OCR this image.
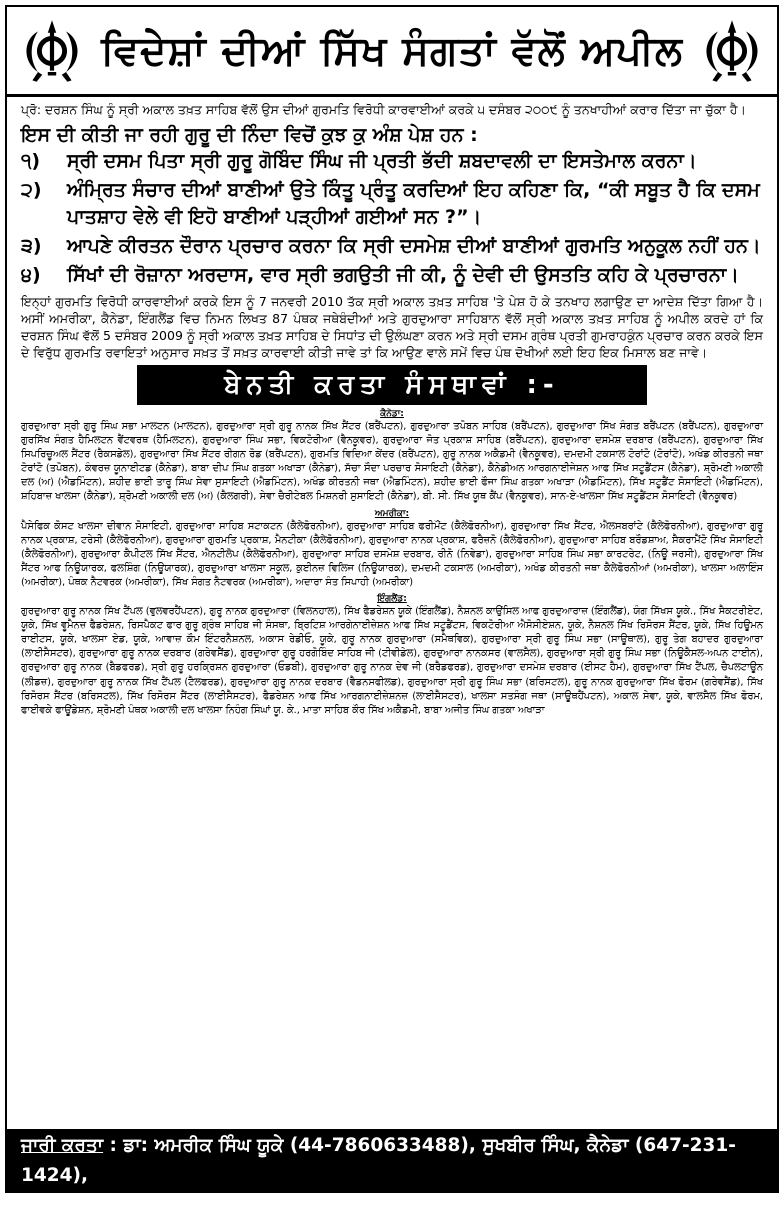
ਵਿਦੇਸ਼ਾਂ ਦੀਆਂ ਸਿੱਖ ਸੰਗਤਾਂ ਵੱਲੋਂ ਅਪੀਲ
ਪ੍ਰੋ: ਦਰਸ਼ਨ ਸਿੰਘ ਨੂੰ ਸ੍ਰੀ ਅਕਾਲ ਤਖ਼ਤ ਸਾਹਿਬ ਵੱਲੋਂ ਉਸ ਦੀਆਂ ਗੁਰਮਤਿ ਵਿਰੋਧੀ ਕਾਰਵਾਈਆਂ ਕਰਕੇ ੫ ਦਸੰਬਰ ੨੦੦੯ ਨੂੰ ਤਨਖਾਹੀਆਂ ਕਰਾਰ ਦਿੱਤਾ ਜਾ ਚੁੱਕਾ ਹੈ।
ਇਸ ਦੀ ਕੀਤੀ ਜਾ ਰਹੀ ਗੁਰੂ ਦੀ ਨਿੰਦਾ ਵਿਚੋਂ ਕੁਝ ਕੁ ਅੰਸ਼ ਪੇਸ਼ ਹਨ :
੧)	ਸ੍ਰੀ ਦਸਮ ਪਿਤਾ ਸ੍ਰੀ ਗੁਰੂ ਗੋਬਿੰਦ ਸਿੰਘ ਜੀ ਪ੍ਰਤੀ ਭੱਦੀ ਸ਼ਬਦਾਵਲੀ ਦਾ ਇਸਤੇਮਾਲ ਕਰਨਾ।
੨)	ਅੰਮ੍ਰਿਤ ਸੰਚਾਰ ਦੀਆਂ ਬਾਣੀਆਂ ਉਤੇ ਕਿੰਤੂ ਪ੍ਰੰਤੂ ਕਰਦਿਆਂ ਇਹ ਕਹਿਣਾ ਕਿ, “ਕੀ ਸਬੂਤ ਹੈ ਕਿ ਦਸਮ ਪਾਤਸ਼ਾਹ ਵੇਲੇ ਵੀ ਇਹੋ ਬਾਣੀਆਂ ਪੜ੍ਹੀਆਂ ਗਈਆਂ ਸਨ ?”।
੩)	ਆਪਣੇ ਕੀਰਤਨ ਦੌਰਾਨ ਪ੍ਰਚਾਰ ਕਰਨਾ ਕਿ ਸ੍ਰੀ ਦਸਮੇਸ਼ ਦੀਆਂ ਬਾਣੀਆਂ ਗੁਰਮਤਿ ਅਨੁਕੂਲ ਨਹੀਂ ਹਨ।
੪)	ਸਿੱਖਾਂ ਦੀ ਰੋਜ਼ਾਨਾ ਅਰਦਾਸ, ਵਾਰ ਸ੍ਰੀ ਭਗਉਤੀ ਜੀ ਕੀ, ਨੂੰ ਦੇਵੀ ਦੀ ਉਸਤਤਿ ਕਹਿ ਕੇ ਪ੍ਰਚਾਰਨਾ।
ਇਨ੍ਹਾਂ ਗੁਰਮਤਿ ਵਿਰੋਧੀ ਕਾਰਵਾਈਆਂ ਕਰਕੇ ਇਸ ਨੂੰ 7 ਜਨਵਰੀ 2010 ਤੱਕ ਸ੍ਰੀ ਅਕਾਲ ਤਖ਼ਤ ਸਾਹਿਬ 'ਤੇ ਪੇਸ਼ ਹੋ ਕੇ ਤਨਖਾਹ ਲਗਾਉਣ ਦਾ ਆਦੇਸ਼ ਦਿੱਤਾ ਗਿਆ ਹੈ। ਅਸੀਂ ਅਮਰੀਕਾ, ਕੈਨੇਡਾ, ਇੰਗਲੈਂਡ ਵਿਚ ਨਿਮਨ ਲਿਖਤ 87 ਪੰਥਕ ਜਥੇਬੰਦੀਆਂ ਅਤੇ ਗੁਰਦੁਆਰਾ ਸਾਹਿਬਾਨ ਵੱਲੋਂ ਸ੍ਰੀ ਅਕਾਲ ਤਖ਼ਤ ਸਾਹਿਬ ਨੂੰ ਅਪੀਲ ਕਰਦੇ ਹਾਂ ਕਿ ਦਰਸ਼ਨ ਸਿੰਘ ਵੱਲੋਂ 5 ਦਸੰਬਰ 2009 ਨੂੰ ਸ੍ਰੀ ਅਕਾਲ ਤਖ਼ਤ ਸਾਹਿਬ ਦੇ ਸਿਧਾਂਤ ਦੀ ਉਲੰਘਣਾ ਕਰਨ ਅਤੇ ਸ੍ਰੀ ਦਸਮ ਗ੍ਰੰਥ ਪ੍ਰਤੀ ਗੁਮਰਾਹਕੁੰਨ ਪ੍ਰਚਾਰ ਕਰਨ ਕਰਕੇ ਇਸ ਦੇ ਵਿਰੁੱਧ ਗੁਰਮਤਿ ਰਵਾਇਤਾਂ ਅਨੁਸਾਰ ਸਖ਼ਤ ਤੋਂ ਸਖ਼ਤ ਕਾਰਵਾਈ ਕੀਤੀ ਜਾਵੇ ਤਾਂ ਕਿ ਆਉਣ ਵਾਲੇ ਸਮੇਂ ਵਿਚ ਪੰਥ ਦੋਖੀਆਂ ਲਈ ਇਹ ਇਕ ਮਿਸਾਲ ਬਣ ਜਾਵੇ।
ਬੇਨਤੀ ਕਰਤਾ ਸੰਸਥਾਵਾਂ :-
ਕੈਨੇਡਾ:
ਗੁਰਦੁਆਰਾ ਸ੍ਰੀ ਗੁਰੂ ਸਿੰਘ ਸਭਾ ਮਾਲਟਨ (ਮਾਲਟਨ), ਗੁਰਦੁਆਰਾ ਸ੍ਰੀ ਗੁਰੂ ਨਾਨਕ ਸਿੱਖ ਸੈਂਟਰ (ਬਰੈਂਪਟਨ), ਗੁਰਦੁਆਰਾ ਤਪੋਬਨ ਸਾਹਿਬ (ਬਰੈਂਪਟਨ), ਗੁਰਦੁਆਰਾ ਸਿੱਖ ਸੰਗਤ ਬਰੈਂਪਟਨ (ਬਰੈਂਪਟਨ), ਗੁਰਦੁਆਰਾ ਗੁਰਸਿੱਖ ਸੰਗਤ ਹੈਮਿਲਟਨ ਵੈਂਟਵਰਥ (ਹੈਮਿਲਟਨ), ਗੁਰਦੁਆਰਾ ਸਿੰਘ ਸਭਾ, ਵਿਕਟੋਰੀਆ (ਵੈਨਕੂਵਰ), ਗੁਰਦੁਆਰਾ ਜੋਤ ਪ੍ਰਕਾਸ਼ ਸਾਹਿਬ (ਬਰੈਂਪਟਨ), ਗੁਰਦੁਆਰਾ ਦਸਮੇਸ਼ ਦਰਬਾਰ (ਬਰੈਂਪਟਨ), ਗੁਰਦੁਆਰਾ ਸਿੱਖ ਸਿਪਰਿਚੂਅਲ ਸੈਂਟਰ (ਰੈਕਸਡੇਲ), ਗੁਰਦੁਆਰਾ ਸਿੱਖ ਸੈਂਟਰ ਰੀਗਨ ਰੋਡ (ਬਰੈਂਪਟਨ), ਗੁਰਮਤਿ ਵਿਦਿਆ ਕੇਂਦਰ (ਬਰੈਂਪਟਨ), ਗੁਰੂ ਨਾਨਕ ਅਕੈਡਮੀ (ਵੈਨਕੂਵਰ), ਦਮਦਮੀ ਟਕਸਾਲ ਟੋਰਾਂਟੋ (ਟੋਰਾਂਟੋ), ਅਖੰਡ ਕੀਰਤਨੀ ਜਥਾ ਟੋਰਾਂਟੋ (ਤਪੋਬਨ), ਕੰਵਰਜ਼ ਯੂਨਾਈਟਡ (ਕੈਨੇਡਾ), ਬਾਬਾ ਦੀਪ ਸਿੰਘ ਗਤਕਾ ਅਖਾੜਾ (ਕੈਨੇਡਾ), ਸੱਚਾ ਸੌਦਾ ਪਰਚਾਰ ਸੋਸਾਇਟੀ (ਕੈਨੇਡਾ), ਕੈਨੇਡੀਅਨ ਆਰਗਨਾਈਜੇਸ਼ਨ ਆਫ ਸਿੱਖ ਸਟੂਡੈਂਟਸ (ਕੈਨੇਡਾ), ਸ਼੍ਰੋਮਣੀ ਅਕਾਲੀ ਦਲ (ਅ) (ਐਡਮਿੰਟਨ), ਸ਼ਹੀਦ ਭਾਈ ਤਾਰੂ ਸਿੰਘ ਸੇਵਾ ਸੁਸਾਇਟੀ (ਐਡਮਿੰਟਨ), ਅਖੰਡ ਕੀਰਤਨੀ ਜਥਾ (ਐਡਮਿੰਟਨ), ਸ਼ਹੀਦ ਭਾਈ ਫੌਜਾ ਸਿੰਘ ਗਤਕਾ ਅਖਾੜਾ (ਐਡਮਿੰਟਨ), ਸਿੱਖ ਸਟੂਡੈਂਟ ਸੋਸਾਇਟੀ (ਐਡਮਿੰਟਨ), ਸ਼ਹਿਬਾਜ਼ ਖਾਲਸਾ (ਕੈਨੇਡਾ), ਸ਼੍ਰੋਮਣੀ ਅਕਾਲੀ ਦਲ (ਅ) (ਕੈਲਗਰੀ), ਸੇਵਾ ਚੈਰੀਟੇਬਲ ਮਿਸ਼ਨਰੀ ਸੁਸਾਇਟੀ (ਕੈਨੇਡਾ), ਬੀ. ਸੀ. ਸਿੱਖ ਯੂਥ ਕੈਂਪ (ਵੈਨਕੂਵਰ), ਸਾਨ-ਏ-ਖਾਲਸਾ ਸਿੱਖ ਸਟੂਡੈਂਟਸ ਸੋਸਾਇਟੀ (ਵੈਨਕੂਵਰ)
ਅਮਰੀਕਾ:
ਪੈਸੇਫਿਕ ਕੋਸਟ ਖਾਲਸਾ ਦੀਵਾਨ ਸੋਸਾਇਟੀ, ਗੁਰਦੁਆਰਾ ਸਾਹਿਬ ਸਟਾਕਟਨ (ਕੈਲੇਫੋਰਨੀਆ), ਗੁਰਦੁਆਰਾ ਸਾਹਿਬ ਫਰੀਮੌਂਟ (ਕੈਲੇਫੋਰਨੀਆ), ਗੁਰਦੁਆਰਾ ਸਿੱਖ ਸੈਂਟਰ, ਐਲਸਬਰਾਂਟੇ (ਕੈਲੇਫੋਰਨੀਆ), ਗੁਰਦੁਆਰਾ ਗੁਰੂ ਨਾਨਕ ਪ੍ਰਕਾਸ਼, ਟਰੇਸੀ (ਕੈਲੇਫੋਰਨੀਆ), ਗੁਰਦੁਆਰਾ ਗੁਰਮਤਿ ਪ੍ਰਕਾਸ਼, ਮੈਨਟੀਕਾ (ਕੈਲੇਫੋਰਨੀਆ), ਗੁਰਦੁਆਰਾ ਨਾਨਕ ਪ੍ਰਕਾਸ਼, ਫਰੈਜ਼ਨੋ (ਕੈਲੇਫੋਰਨੀਆ), ਗੁਰਦੁਆਰਾ ਸਾਹਿਬ ਬਰੌਡਸ਼ਾਅ, ਸੈਕਰਾਮੈਂਟੋ ਸਿੱਖ ਸੋਸਾਇਟੀ (ਕੈਲੇਫੋਰਨੀਆ), ਗੁਰਦੁਆਰਾ ਕੈਪੀਟਲ ਸਿੱਖ ਸੈਂਟਰ, ਐਨਟੀਲੋਪ (ਕੈਲੇਫੋਰਨੀਆ), ਗੁਰਦੁਆਰਾ ਸਾਹਿਬ ਦਸਮੇਸ਼ ਦਰਬਾਰ, ਰੀਨੋ (ਨਿਵੇਡਾ), ਗੁਰਦੁਆਰਾ ਸਾਹਿਬ ਸਿੰਘ ਸਭਾ ਕਾਰਟਰੇਟ, (ਨਿਊ ਜਰਸੀ), ਗੁਰਦੁਆਰਾ ਸਿੱਖ ਸੈਂਟਰ ਆਫ ਨਿਊਯਾਰਕ, ਫਲਸ਼ਿੰਗ (ਨਿਊਯਾਰਕ), ਗੁਰਦੁਆਰਾ ਖਾਲਸਾ ਸਕੂਲ, ਕੁਈਨਜ਼ ਵਿਲਿਜ (ਨਿਊਯਾਰਕ), ਦਮਦਮੀ ਟਕਸਾਲ (ਅਮਰੀਕਾ), ਅਖੰਡ ਕੀਰਤਨੀ ਜਥਾ ਕੈਲੇਫੋਰਨੀਆਂ (ਅਮਰੀਕਾ), ਖਾਲਸਾ ਅਲਾਇੰਸ (ਅਮਰੀਕਾ), ਪੰਥਕ ਨੈਟਵਰਕ (ਅਮਰੀਕਾ), ਸਿੱਖ ਸੰਗਤ ਨੈਟਵਰਕ (ਅਮਰੀਕਾ), ਅਦਾਰਾ ਸੰਤ ਸਿਪਾਹੀ (ਅਮਰੀਕਾ)
ਇੰਗਲੈਂਡ:
ਗੁਰਦੁਆਰਾ ਗੁਰੂ ਨਾਨਕ ਸਿੱਖ ਟੈਂਪਲ (ਵੁਲਵਰਹੈਂਪਟਨ), ਗੁਰੂ ਨਾਨਕ ਗੁਰਦੁਆਰਾ (ਵਿਲਨਹਾਲ), ਸਿੱਖ ਫੈਡਰੇਸ਼ਨ ਯੂਕੇ (ਇੰਗਲੈਂਡ), ਨੈਸ਼ਨਲ ਕਾਉਂਸਿਲ ਆਫ ਗੁਰਦੁਆਰਾਜ਼ (ਇੰਗਲੈਂਡ), ਯੰਗ ਸਿੱਖਸ ਯੂਕੇ., ਸਿੱਖ ਸੈਕਟਰੀਏਟ, ਯੂਕੇ, ਸਿੱਖ ਵੂਮੈਨਜ਼ ਫੈਡਰੇਸ਼ਨ, ਰਿਸਪੈਕਟ ਫਾਰ ਗੁਰੂ ਗ੍ਰੰਥ ਸਾਹਿਬ ਜੀ ਸੰਸਥਾ, ਬ੍ਰਿਟਿਸ਼ ਆਰਗੇਨਾਈਜ਼ੇਸ਼ਨ ਆਫ ਸਿੱਖ ਸਟੂਡੈਂਟਸ, ਵਿਕਟੋਰੀਆ ਐਸੋਸੀਏਸ਼ਨ, ਯੂਕੇ, ਨੈਸ਼ਨਲ ਸਿੱਖ ਰਿਸੋਰਸ ਸੈਂਟਰ, ਯੂਕੇ, ਸਿੱਖ ਹਿਊਮਨ ਰਾਈਟਸ, ਯੂਕੇ, ਖਾਲਸਾ ਏਡ, ਯੂਕੇ, ਆਵਾਜ਼ ਕੌਮ ਇੰਟਰਨੈਸ਼ਨਲ, ਅਕਾਸ ਰੇਡੀਓ, ਯੂਕੇ, ਗੁਰੂ ਨਾਨਕ ਗੁਰਦੁਆਰਾ (ਸਮੈਥਵਿਕ), ਗੁਰਦੁਆਰਾ ਸ੍ਰੀ ਗੁਰੂ ਸਿੰਘ ਸਭਾ (ਸਾਊਥਾਲ), ਗੁਰੂ ਤੇਗ ਬਹਾਦਰ ਗੁਰਦੁਆਰਾ (ਲਾਈਸੈਸਟਰ), ਗੁਰਦੁਆਰਾ ਗੁਰੂ ਨਾਨਕ ਦਰਬਾਰ (ਗਰੇਵਸੈਂਡ), ਗੁਰਦੁਆਰਾ ਗੁਰੂ ਹਰਗੋਬਿੰਦ ਸਾਹਿਬ ਜੀ (ਟੀਵੀਡੇਲ), ਗੁਰਦੁਆਰਾ ਨਾਨਕਸਰ (ਵਾਲਸੈਲ), ਗੁਰਦੁਆਰਾ ਸ੍ਰੀ ਗੁਰੂ ਸਿੰਘ ਸਭਾ (ਨਿਊਕੈਸਲ-ਅਪਨ ਟਾਈਨ), ਗੁਰਦੁਆਰਾ ਗੁਰੂ ਨਾਨਕ (ਬੈਡਫਰਡ), ਸ੍ਰੀ ਗੁਰੂ ਹਰਕ੍ਰਿਸ਼ਨ ਗੁਰਦੁਆਰਾ (ਓਡਬੀ), ਗੁਰਦੁਆਰਾ ਗੁਰੂ ਨਾਨਕ ਦੇਵ ਜੀ (ਬਰੈਡਫਰਡ), ਗੁਰਦੁਆਰਾ ਦਸਮੇਸ਼ ਦਰਬਾਰ (ਈਸਟ ਹੈਮ), ਗੁਰਦੁਆਰਾ ਸਿੱਖ ਟੈਂਪਲ, ਚੈਪਲਟਾਊਨ (ਲੀਡਜ਼), ਗੁਰਦੁਆਰਾ ਗੁਰੂ ਨਾਨਕ ਸਿੱਖ ਟੈਂਪਲ (ਟੈਲਫਰਡ), ਗੁਰਦੁਆਰਾ ਗੁਰੂ ਨਾਨਕ ਦਰਬਾਰ (ਵੈਡਨਸਫੀਲਡ), ਗੁਰਦੁਆਰਾ ਸ੍ਰੀ ਗੁਰੂ ਸਿੰਘ ਸਭਾ (ਬਰਿਸਟਲ), ਗੁਰੂ ਨਾਨਕ ਗੁਰਦੁਆਰਾ ਸਿੱਖ ਫੋਰਮ (ਗਰੇਵਸੈਂਡ), ਸਿੱਖ ਰਿਸੋਰਸ ਸੈਂਟਰ (ਬਰਿਸਟਲ), ਸਿੱਖ ਰਿਸੋਰਸ ਸੈਂਟਰ (ਲਾਈਸੈਸਟਰ), ਫੈਡਰੇਸ਼ਨ ਆਫ ਸਿੱਖ ਆਰਗਨਾਈਜ਼ੇਸ਼ਨਜ਼ (ਲਾਈਸੈਸਟਰ), ਖਾਲਸਾ ਸਤਸੰਗ ਜਥਾ (ਸਾਊਥਹੈਂਪਟਨ), ਅਕਾਲ ਸੇਵਾ, ਯੂਕੇ, ਵਾਲਸੈਲ ਸਿੱਖ ਫੋਰਮ, ਫਾਈਵਕੇ ਫਾਊਂਡੇਸ਼ਨ, ਸ਼੍ਰੋਮਣੀ ਪੰਥਕ ਅਕਾਲੀ ਦਲ ਖਾਲਸਾ ਨਿਹੰਗ ਸਿੰਘਾਂ ਯੂ. ਕੇ., ਮਾਤਾ ਸਾਹਿਬ ਕੌਰ ਸਿੱਖ ਅਕੈਡਮੀ, ਬਾਬਾ ਅਜੀਤ ਸਿੰਘ ਗਤਕਾ ਅਖਾੜਾ
ਜਾਰੀ ਕਰਤਾ : ਡਾ: ਅਮਰੀਕ ਸਿੰਘ ਯੂਕੇ (44-7860633488), ਸੁਖਬੀਰ ਸਿੰਘ, ਕੈਨੇਡਾ (647-231-1424),
ਨਵਜੋਤ ਸਿੰਘ, ਅਮਰੀਕਾ (510-828-1915), ਤਰਨਜੀਤ ਸਿੰਘ, ਐਡਮਿੰਟਨ, ਕੈਨੇਡਾ, ਹਰਦੀਪ ਸਿੰਘ, ਕੈਨੇਡਾ
